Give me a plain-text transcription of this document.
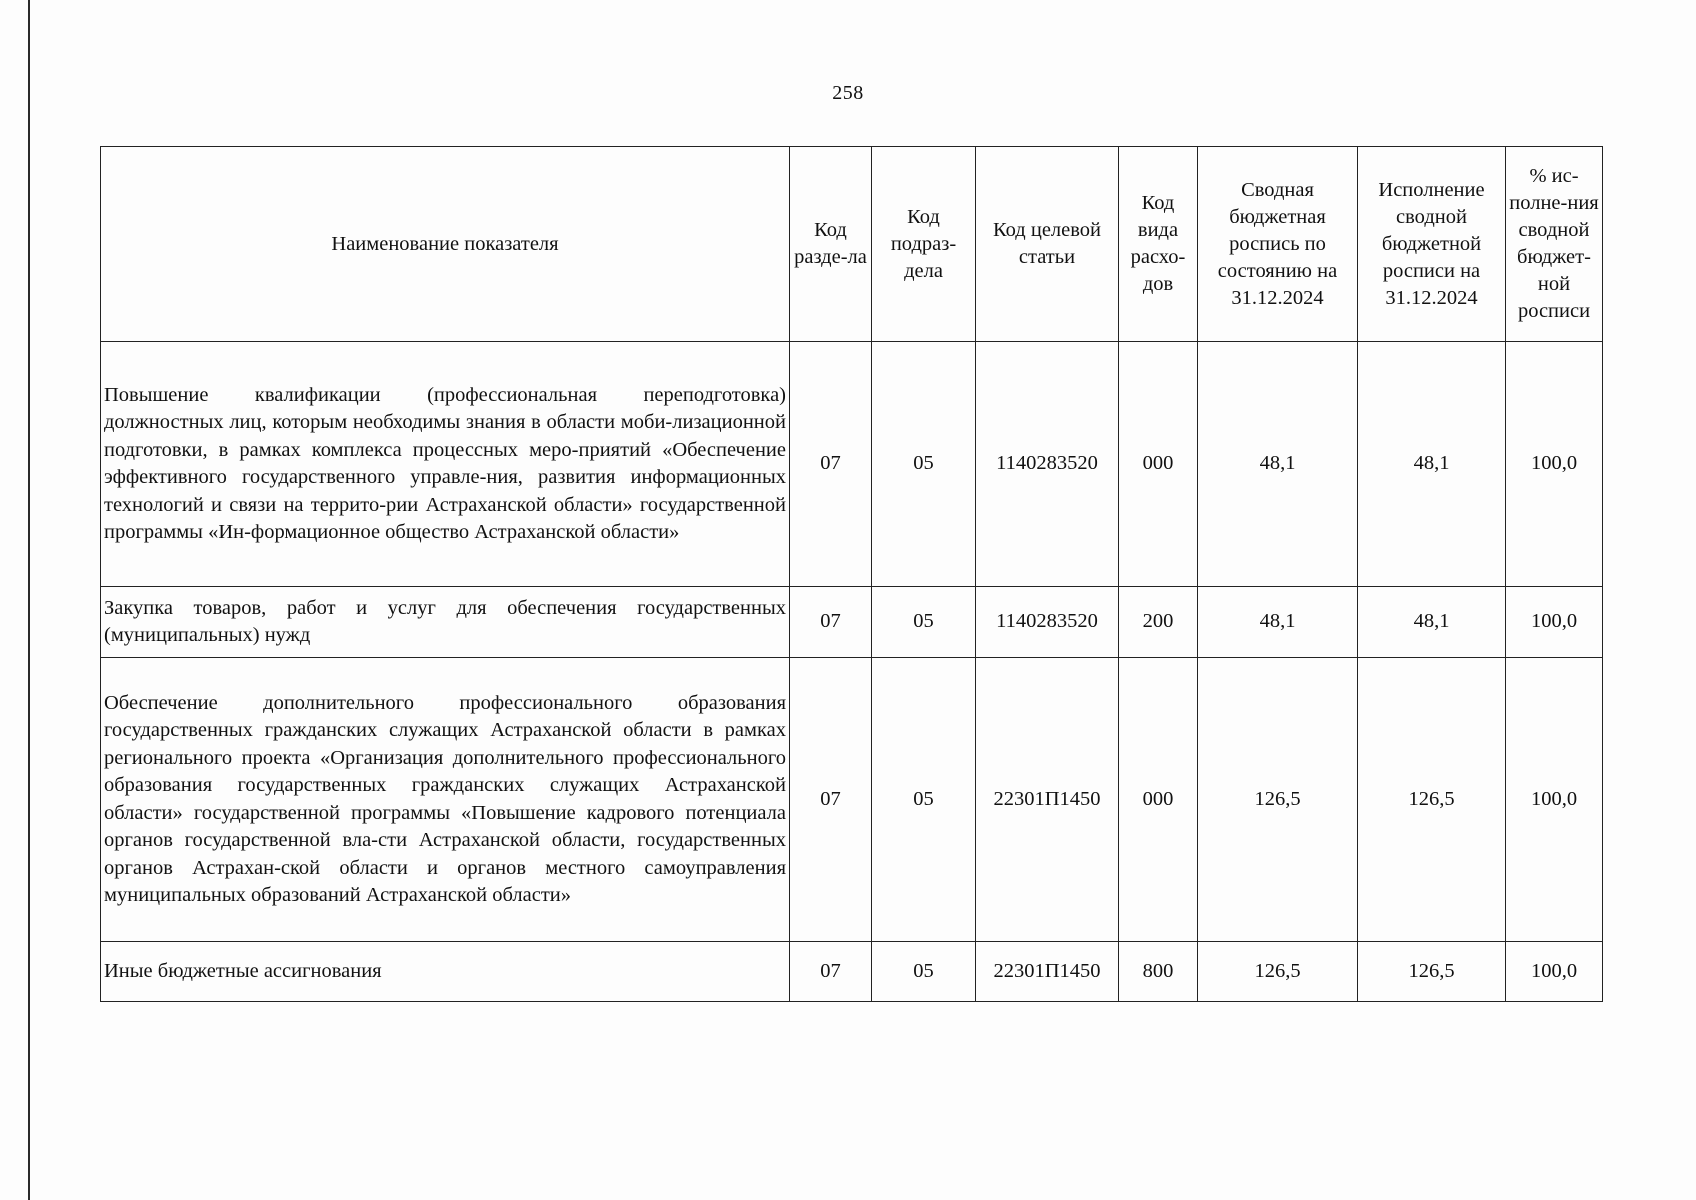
258
Наименование показателя	Код разде-ла	Код подраз-дела	Код целевой статьи	Код вида расхо-дов	Сводная бюджетная роспись по состоянию на 31.12.2024	Исполнение сводной бюджетной росписи на 31.12.2024	% ис-полне-ния сводной бюджет-ной росписи
Повышение квалификации (профессиональная переподготовка) должностных лиц, которым необходимы знания в области моби-лизационной подготовки, в рамках комплекса процессных меро-приятий «Обеспечение эффективного государственного управле-ния, развития информационных технологий и связи на террито-рии Астраханской области» государственной программы «Ин-формационное общество Астраханской области»	07	05	1140283520	000	48,1	48,1	100,0
Закупка товаров, работ и услуг для обеспечения государственных (муниципальных) нужд	07	05	1140283520	200	48,1	48,1	100,0
Обеспечение дополнительного профессионального образования государственных гражданских служащих Астраханской области в рамках регионального проекта «Организация дополнительного профессионального образования государственных гражданских служащих Астраханской области» государственной программы «Повышение кадрового потенциала органов государственной вла-сти Астраханской области, государственных органов Астрахан-ской области и органов местного самоуправления муниципальных образований Астраханской области»	07	05	22301П1450	000	126,5	126,5	100,0
Иные бюджетные ассигнования	07	05	22301П1450	800	126,5	126,5	100,0
